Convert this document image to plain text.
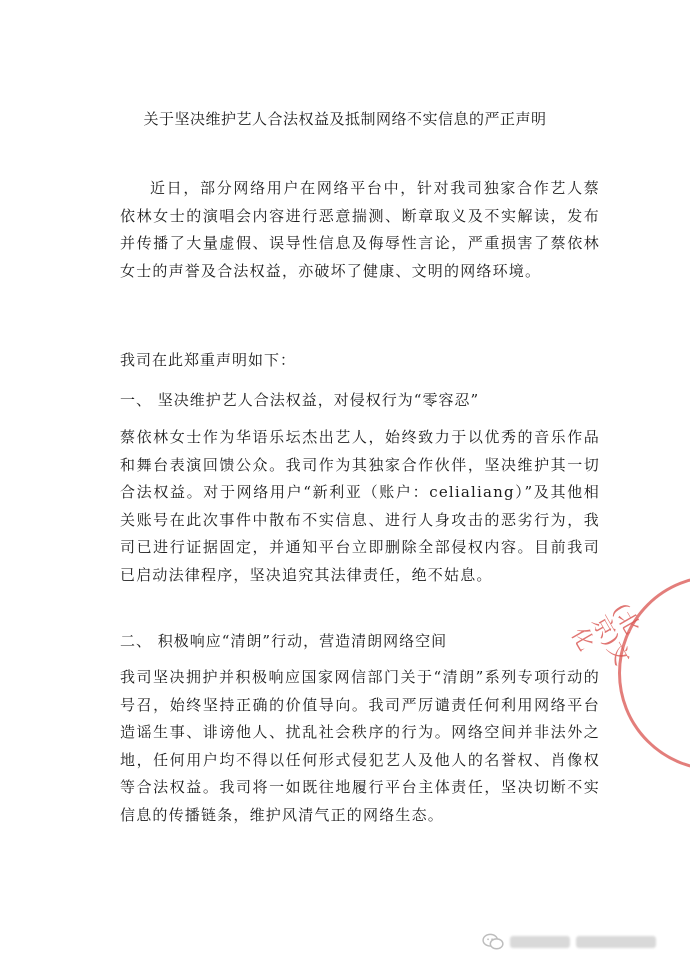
关于坚决维护艺人合法权益及抵制网络不实信息的严正声明
近日，部分网络用户在网络平台中，针对我司独家合作艺人蔡依林女士的演唱会内容进行恶意揣测、断章取义及不实解读，发布并传播了大量虚假、误导性信息及侮辱性言论，严重损害了蔡依林女士的声誉及合法权益，亦破坏了健康、文明的网络环境。
我司在此郑重声明如下：
一、 坚决维护艺人合法权益，对侵权行为“零容忍”
蔡依林女士作为华语乐坛杰出艺人，始终致力于以优秀的音乐作品和舞台表演回馈公众。我司作为其独家合作伙伴，坚决维护其一切合法权益。对于网络用户“新利亚（账户：celialiang）”及其他相关账号在此次事件中散布不实信息、进行人身攻击的恶劣行为，我司已进行证据固定，并通知平台立即删除全部侵权内容。目前我司已启动法律程序，坚决追究其法律责任，绝不姑息。
二、 积极响应“清朗”行动，营造清朗网络空间
我司坚决拥护并积极响应国家网信部门关于“清朗”系列专项行动的号召，始终坚持正确的价值导向。我司严厉谴责任何利用网络平台造谣生事、诽谤他人、扰乱社会秩序的行为。网络空间并非法外之地，任何用户均不得以任何形式侵犯艺人及他人的名誉权、肖像权等合法权益。我司将一如既往地履行平台主体责任，坚决切断不实信息的传播链条，维护风清气正的网络生态。
(北京)文化
